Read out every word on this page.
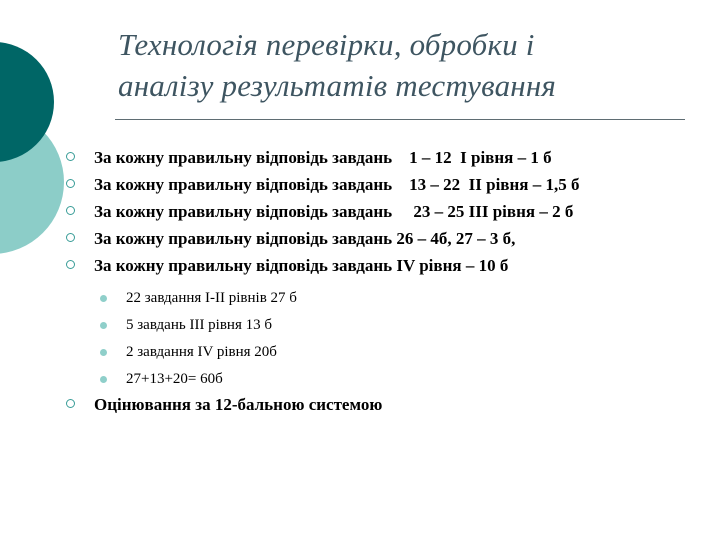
Технологія перевірки, обробки і
аналізу результатів тестування

За кожну правильну відповідь завдань    1 – 12  І рівня – 1 б

За кожну правильну відповідь завдань    13 – 22  ІІ рівня – 1,5 б

За кожну правильну відповідь завдань     23 – 25 ІІІ рівня – 2 б

За кожну правильну відповідь завдань 26 – 4б, 27 – 3 б,

За кожну правильну відповідь завдань IV рівня – 10 б

22 завдання І-ІІ рівнів 27 б

5 завдань ІІІ рівня 13 б

2 завдання IV рівня 20б

27+13+20= 60б

Оцінювання за 12-бальною системою
